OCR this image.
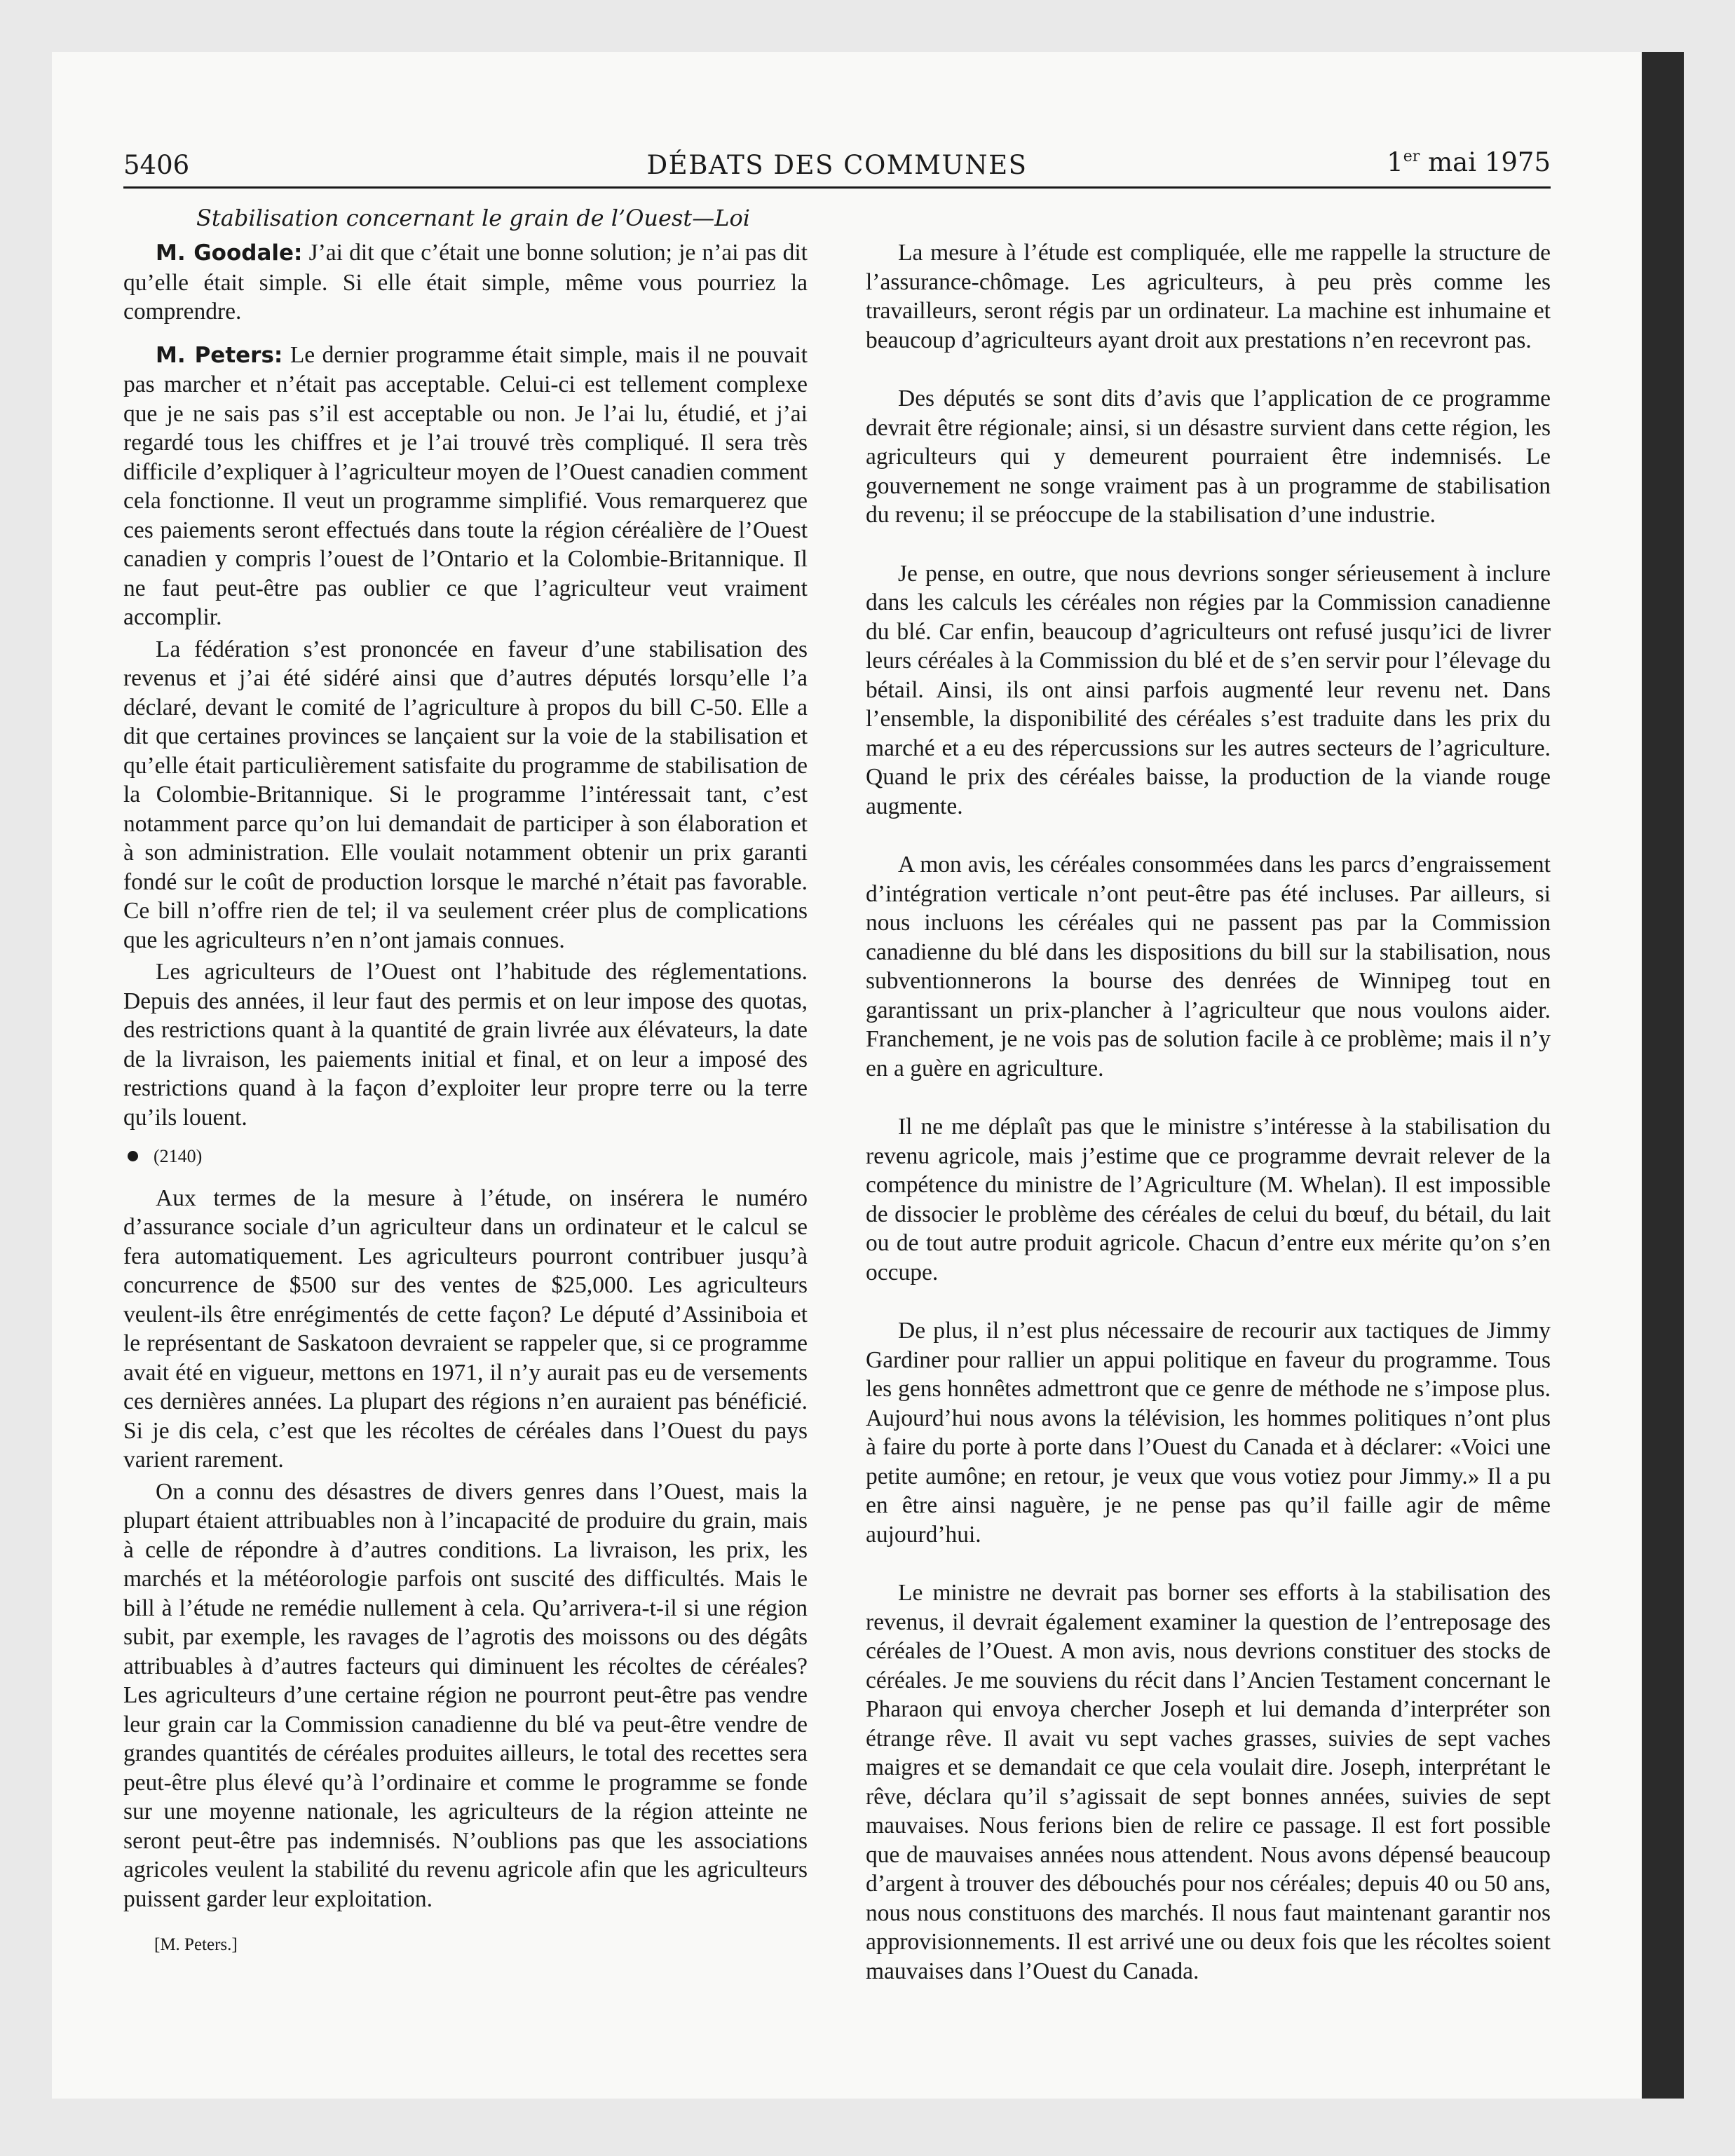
5406	DÉBATS DES COMMUNES	1er mai 1975
Stabilisation concernant le grain de l’Ouest—Loi

M. Goodale: J’ai dit que c’était une bonne solution; je n’ai pas dit qu’elle était simple. Si elle était simple, même vous pourriez la comprendre.

M. Peters: Le dernier programme était simple, mais il ne pouvait pas marcher et n’était pas acceptable. Celui-ci est tellement complexe que je ne sais pas s’il est acceptable ou non. Je l’ai lu, étudié, et j’ai regardé tous les chiffres et je l’ai trouvé très compliqué. Il sera très difficile d’expliquer à l’agriculteur moyen de l’Ouest canadien comment cela fonctionne. Il veut un programme simplifié. Vous remarquerez que ces paiements seront effectués dans toute la région céréalière de l’Ouest canadien y compris l’ouest de l’Ontario et la Colombie-Britannique. Il ne faut peut-être pas oublier ce que l’agriculteur veut vraiment accomplir.

La fédération s’est prononcée en faveur d’une stabilisation des revenus et j’ai été sidéré ainsi que d’autres députés lorsqu’elle l’a déclaré, devant le comité de l’agriculture à propos du bill C-50. Elle a dit que certaines provinces se lançaient sur la voie de la stabilisation et qu’elle était particulièrement satisfaite du programme de stabilisation de la Colombie-Britannique. Si le programme l’intéressait tant, c’est notamment parce qu’on lui demandait de participer à son élaboration et à son administration. Elle voulait notamment obtenir un prix garanti fondé sur le coût de production lorsque le marché n’était pas favorable. Ce bill n’offre rien de tel; il va seulement créer plus de complications que les agriculteurs n’en n’ont jamais connues.

Les agriculteurs de l’Ouest ont l’habitude des réglementations. Depuis des années, il leur faut des permis et on leur impose des quotas, des restrictions quant à la quantité de grain livrée aux élévateurs, la date de la livraison, les paiements initial et final, et on leur a imposé des restrictions quand à la façon d’exploiter leur propre terre ou la terre qu’ils louent.

(2140)

Aux termes de la mesure à l’étude, on insérera le numéro d’assurance sociale d’un agriculteur dans un ordinateur et le calcul se fera automatiquement. Les agriculteurs pourront contribuer jusqu’à concurrence de $500 sur des ventes de $25,000. Les agriculteurs veulent-ils être enrégimentés de cette façon? Le député d’Assiniboia et le représentant de Saskatoon devraient se rappeler que, si ce programme avait été en vigueur, mettons en 1971, il n’y aurait pas eu de versements ces dernières années. La plupart des régions n’en auraient pas bénéficié. Si je dis cela, c’est que les récoltes de céréales dans l’Ouest du pays varient rarement.

On a connu des désastres de divers genres dans l’Ouest, mais la plupart étaient attribuables non à l’incapacité de produire du grain, mais à celle de répondre à d’autres conditions. La livraison, les prix, les marchés et la météorologie parfois ont suscité des difficultés. Mais le bill à l’étude ne remédie nullement à cela. Qu’arrivera-t-il si une région subit, par exemple, les ravages de l’agrotis des moissons ou des dégâts attribuables à d’autres facteurs qui diminuent les récoltes de céréales? Les agriculteurs d’une certaine région ne pourront peut-être pas vendre leur grain car la Commission canadienne du blé va peut-être vendre de grandes quantités de céréales produites ailleurs, le total des recettes sera peut-être plus élevé qu’à l’ordinaire et comme le programme se fonde sur une moyenne nationale, les agriculteurs de la région atteinte ne seront peut-être pas indemnisés. N’oublions pas que les associations agricoles veulent la stabilité du revenu agricole afin que les agriculteurs puissent garder leur exploitation.

[M. Peters.]

La mesure à l’étude est compliquée, elle me rappelle la structure de l’assurance-chômage. Les agriculteurs, à peu près comme les travailleurs, seront régis par un ordinateur. La machine est inhumaine et beaucoup d’agriculteurs ayant droit aux prestations n’en recevront pas.

Des députés se sont dits d’avis que l’application de ce programme devrait être régionale; ainsi, si un désastre survient dans cette région, les agriculteurs qui y demeurent pourraient être indemnisés. Le gouvernement ne songe vraiment pas à un programme de stabilisation du revenu; il se préoccupe de la stabilisation d’une industrie.

Je pense, en outre, que nous devrions songer sérieusement à inclure dans les calculs les céréales non régies par la Commission canadienne du blé. Car enfin, beaucoup d’agriculteurs ont refusé jusqu’ici de livrer leurs céréales à la Commission du blé et de s’en servir pour l’élevage du bétail. Ainsi, ils ont ainsi parfois augmenté leur revenu net. Dans l’ensemble, la disponibilité des céréales s’est traduite dans les prix du marché et a eu des répercussions sur les autres secteurs de l’agriculture. Quand le prix des céréales baisse, la production de la viande rouge augmente.

A mon avis, les céréales consommées dans les parcs d’engraissement d’intégration verticale n’ont peut-être pas été incluses. Par ailleurs, si nous incluons les céréales qui ne passent pas par la Commission canadienne du blé dans les dispositions du bill sur la stabilisation, nous subventionnerons la bourse des denrées de Winnipeg tout en garantissant un prix-plancher à l’agriculteur que nous voulons aider. Franchement, je ne vois pas de solution facile à ce problème; mais il n’y en a guère en agriculture.

Il ne me déplaît pas que le ministre s’intéresse à la stabilisation du revenu agricole, mais j’estime que ce programme devrait relever de la compétence du ministre de l’Agriculture (M. Whelan). Il est impossible de dissocier le problème des céréales de celui du bœuf, du bétail, du lait ou de tout autre produit agricole. Chacun d’entre eux mérite qu’on s’en occupe.

De plus, il n’est plus nécessaire de recourir aux tactiques de Jimmy Gardiner pour rallier un appui politique en faveur du programme. Tous les gens honnêtes admettront que ce genre de méthode ne s’impose plus. Aujourd’hui nous avons la télévision, les hommes politiques n’ont plus à faire du porte à porte dans l’Ouest du Canada et à déclarer: «Voici une petite aumône; en retour, je veux que vous votiez pour Jimmy.» Il a pu en être ainsi naguère, je ne pense pas qu’il faille agir de même aujourd’hui.

Le ministre ne devrait pas borner ses efforts à la stabilisation des revenus, il devrait également examiner la question de l’entreposage des céréales de l’Ouest. A mon avis, nous devrions constituer des stocks de céréales. Je me souviens du récit dans l’Ancien Testament concernant le Pharaon qui envoya chercher Joseph et lui demanda d’interpréter son étrange rêve. Il avait vu sept vaches grasses, suivies de sept vaches maigres et se demandait ce que cela voulait dire. Joseph, interprétant le rêve, déclara qu’il s’agissait de sept bonnes années, suivies de sept mauvaises. Nous ferions bien de relire ce passage. Il est fort possible que de mauvaises années nous attendent. Nous avons dépensé beaucoup d’argent à trouver des débouchés pour nos céréales; depuis 40 ou 50 ans, nous nous constituons des marchés. Il nous faut maintenant garantir nos approvisionnements. Il est arrivé une ou deux fois que les récoltes soient mauvaises dans l’Ouest du Canada.
